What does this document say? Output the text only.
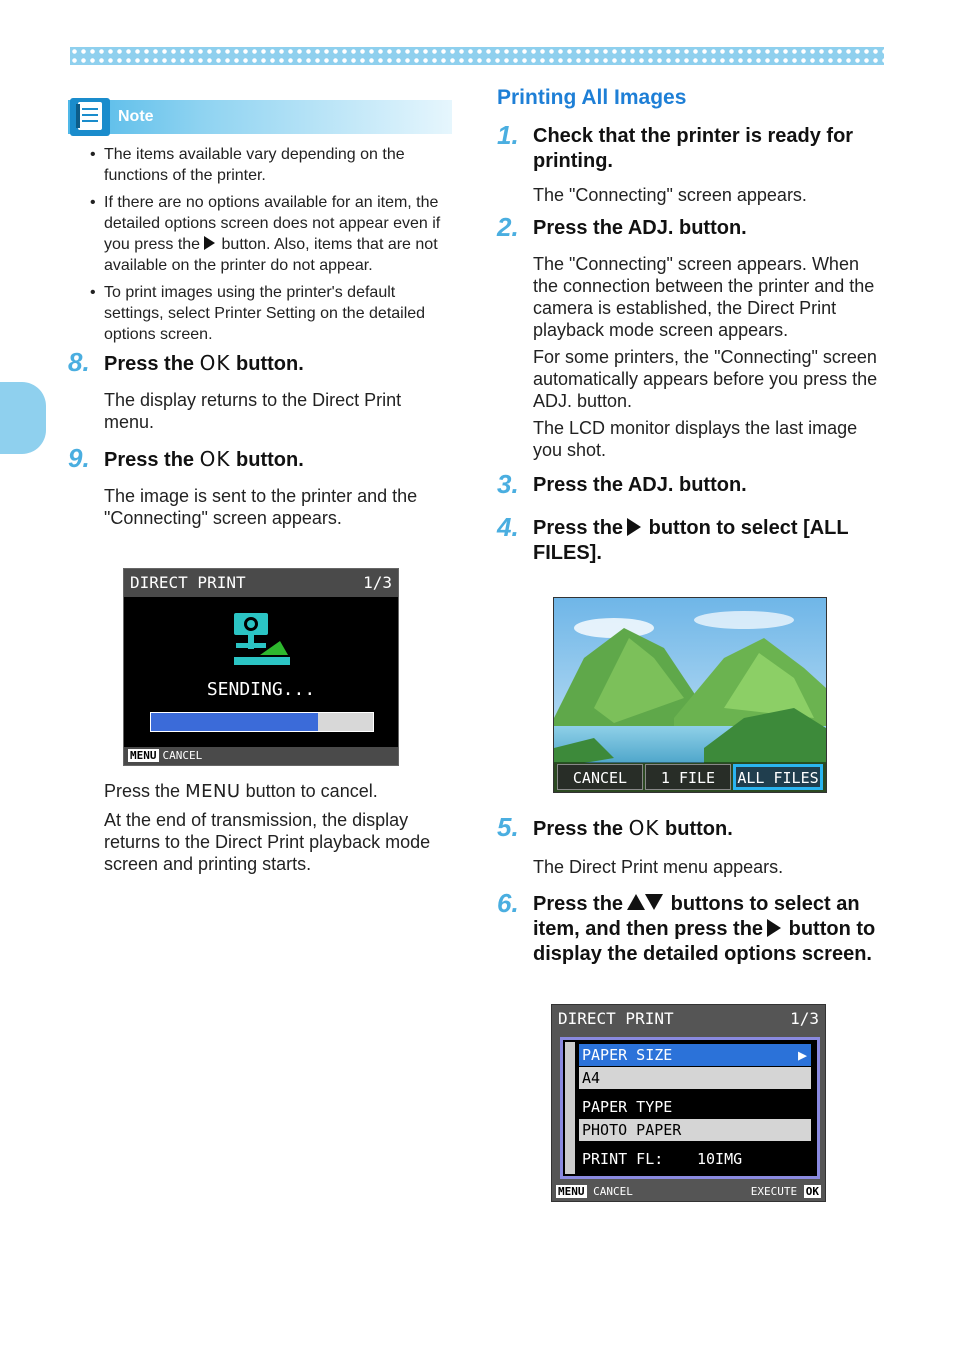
Note
• The items available vary depending on the functions of the printer.
• If there are no options available for an item, the detailed options screen does not appear even if you press the button. Also, items that are not available on the printer do not appear.
• To print images using the printer's default settings, select Printer Setting on the detailed options screen.
8. Press the OK button.
The display returns to the Direct Print menu.
9. Press the OK button.
The image is sent to the printer and the "Connecting" screen appears.
Press the MENU button to cancel.
At the end of transmission, the display returns to the Direct Print playback mode screen and printing starts.
DIRECT PRINT	1/3
SENDING...
MENU CANCEL
Printing All Images
1. Check that the printer is ready for printing.
The "Connecting" screen appears.
2. Press the ADJ. button.
The "Connecting" screen appears. When the connection between the printer and the camera is established, the Direct Print playback mode screen appears.
For some printers, the "Connecting" screen automatically appears before you press the ADJ. button.
The LCD monitor displays the last image you shot.
3. Press the ADJ. button.
4. Press the button to select [ALL FILES].
CANCEL	1 FILE	ALL FILES
5. Press the OK button.
The Direct Print menu appears.
6. Press the buttons to select an item, and then press the button to display the detailed options screen.
DIRECT PRINT	1/3
PAPER SIZE	▶
A4
PAPER TYPE
PHOTO PAPER
PRINT FL: 10IMG
MENU CANCEL	EXECUTE OK
